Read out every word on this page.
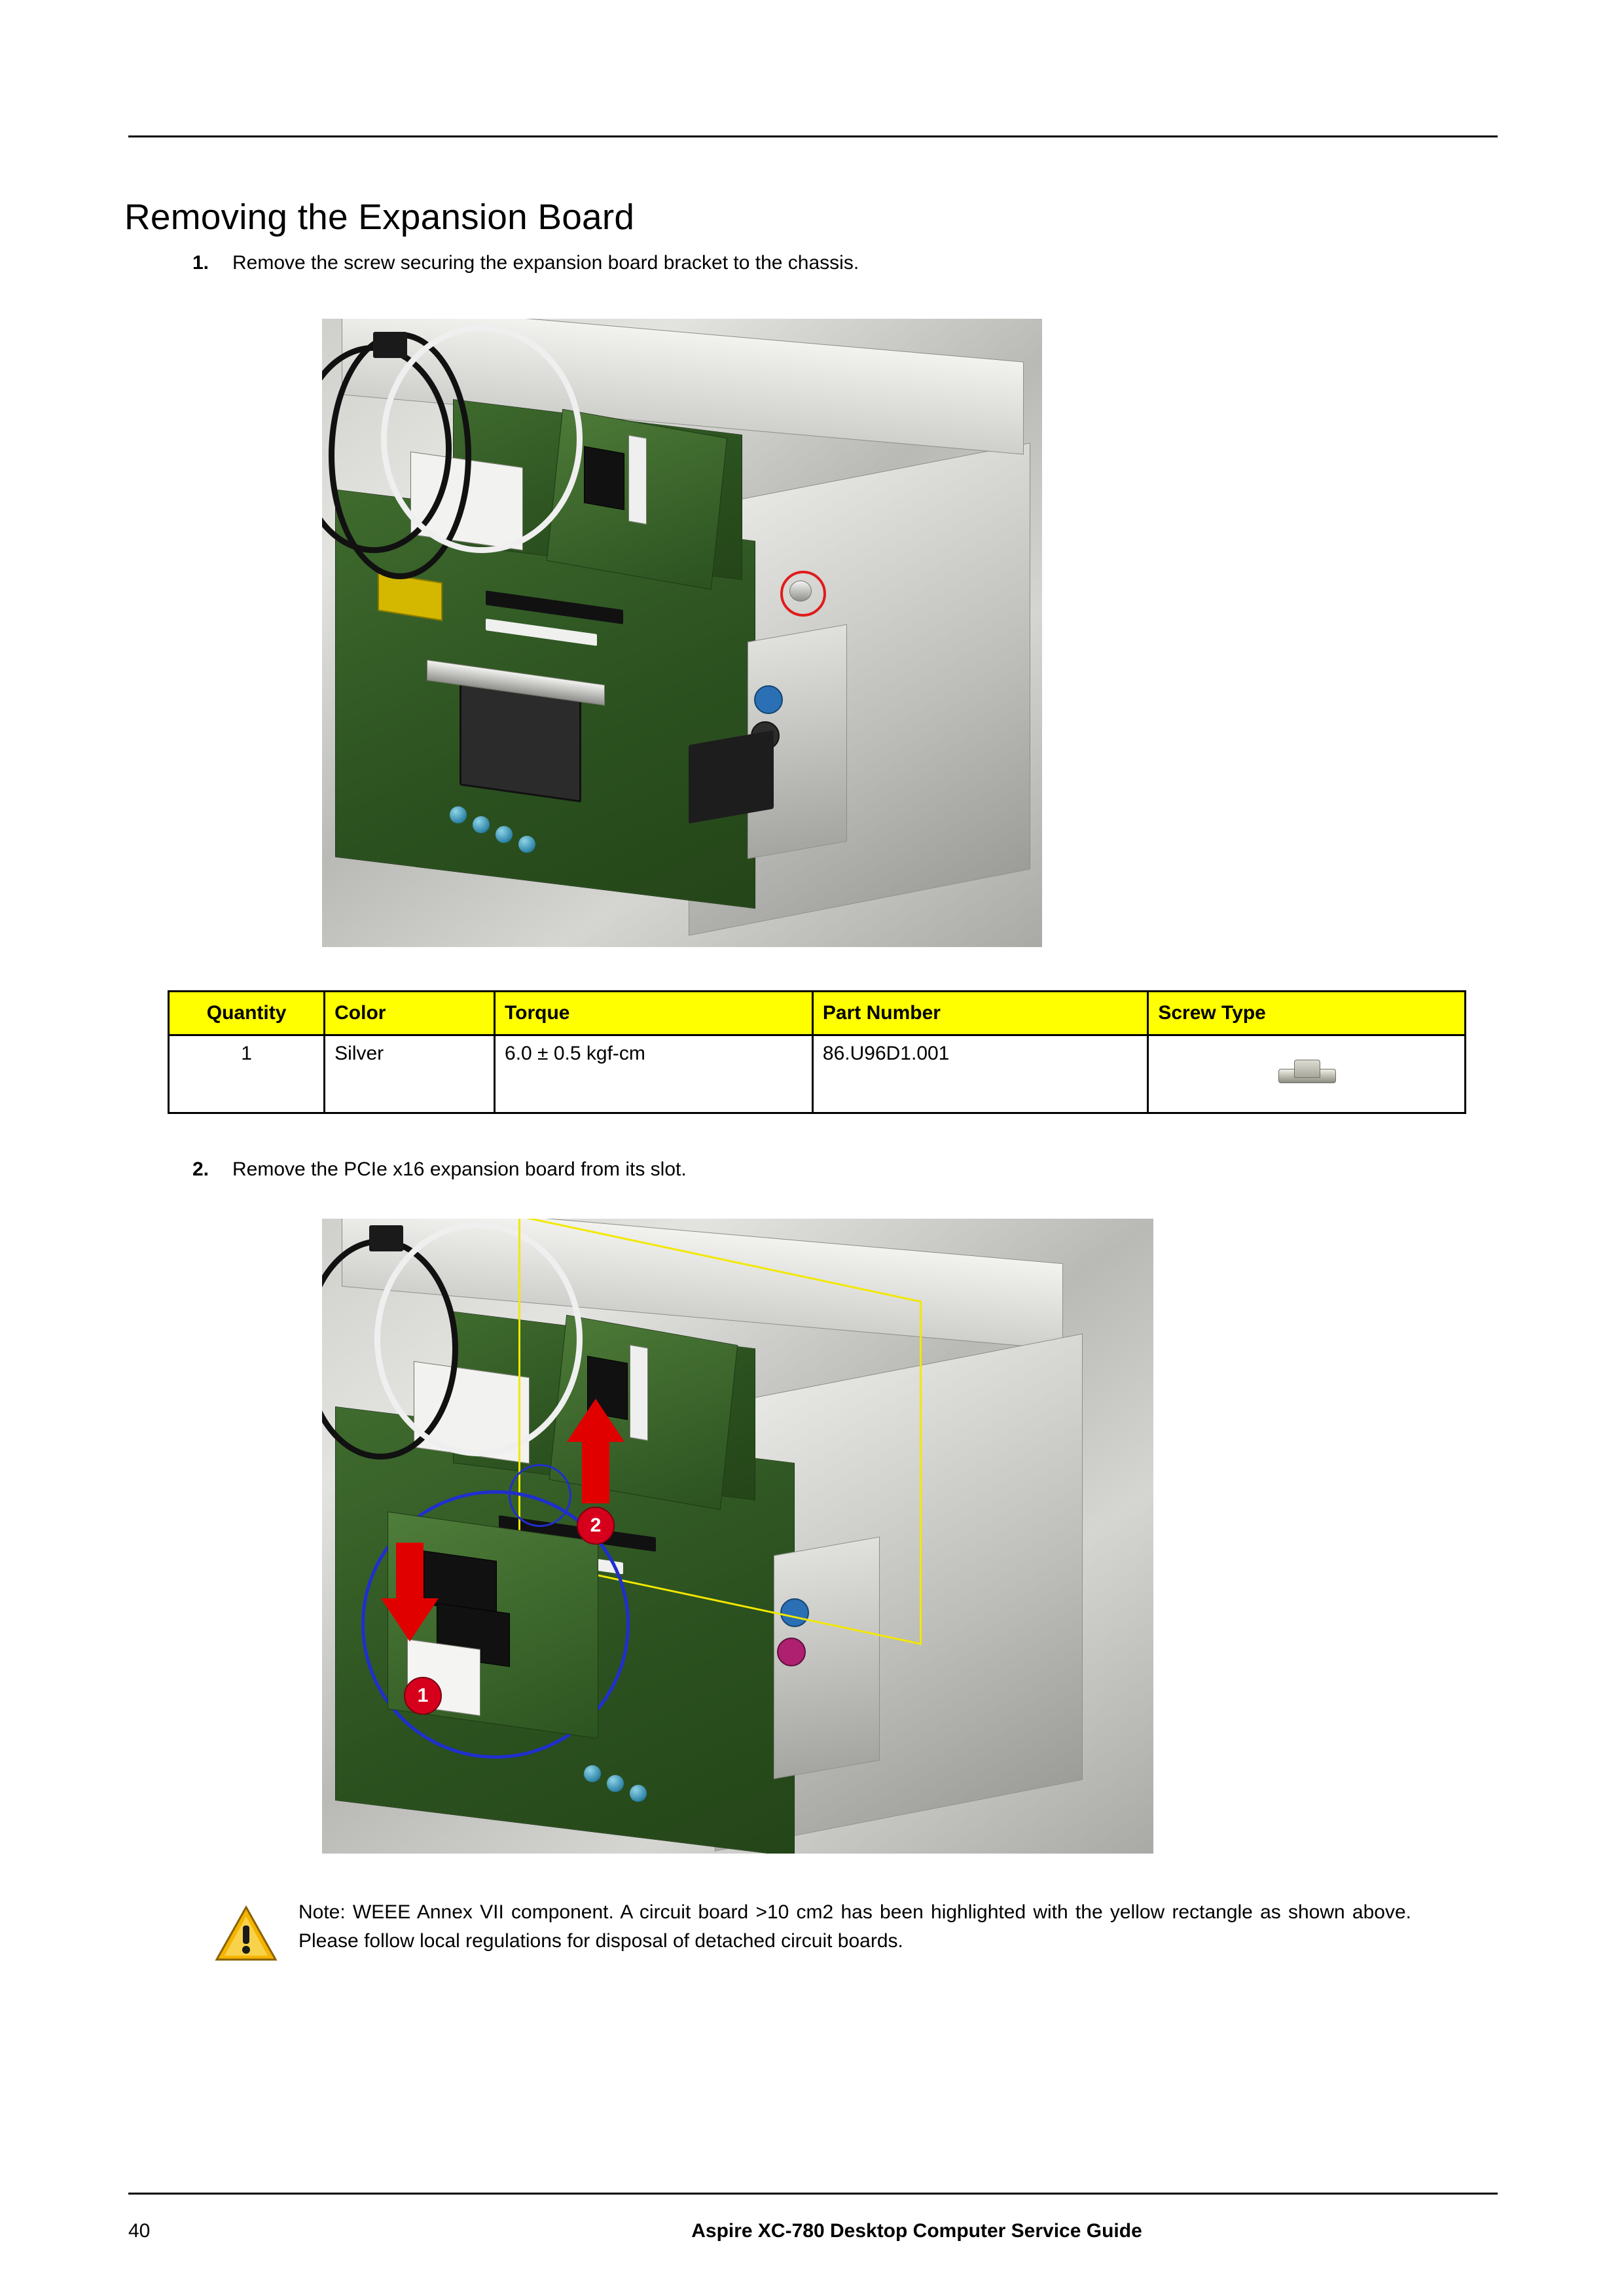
Removing the Expansion Board
1. Remove the screw securing the expansion board bracket to the chassis.
Quantity	Color	Torque	Part Number	Screw Type
1	Silver	6.0 ± 0.5 kgf-cm	86.U96D1.001	
2. Remove the PCIe x16 expansion board from its slot.
1
2
Note: WEEE Annex VII component. A circuit board >10 cm2 has been highlighted with the yellow rectangle as shown above. Please follow local regulations for disposal of detached circuit boards.
40	Aspire XC-780 Desktop Computer Service Guide
